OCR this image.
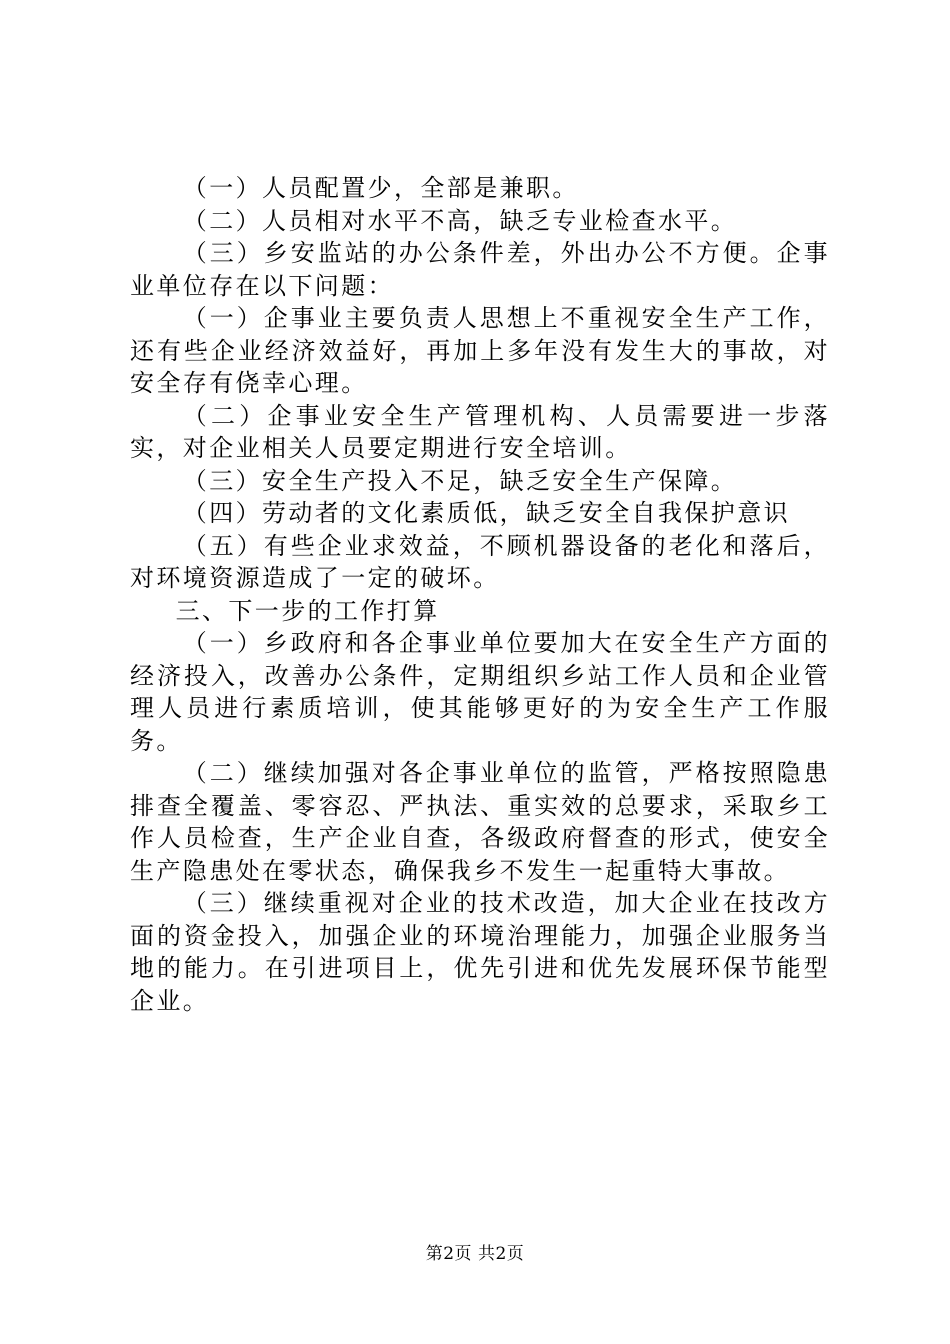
（一）人员配置少，全部是兼职。

（二）人员相对水平不高，缺乏专业检查水平。

（三）乡安监站的办公条件差，外出办公不方便。企事业单位存在以下问题：

（一）企事业主要负责人思想上不重视安全生产工作，还有些企业经济效益好，再加上多年没有发生大的事故，对安全存有侥幸心理。

（二）企事业安全生产管理机构、人员需要进一步落实，对企业相关人员要定期进行安全培训。

（三）安全生产投入不足，缺乏安全生产保障。

（四）劳动者的文化素质低，缺乏安全自我保护意识

（五）有些企业求效益，不顾机器设备的老化和落后，对环境资源造成了一定的破坏。

三、下一步的工作打算

（一）乡政府和各企事业单位要加大在安全生产方面的经济投入，改善办公条件，定期组织乡站工作人员和企业管理人员进行素质培训，使其能够更好的为安全生产工作服务。

（二）继续加强对各企事业单位的监管，严格按照隐患排查全覆盖、零容忍、严执法、重实效的总要求，采取乡工作人员检查，生产企业自查，各级政府督查的形式，使安全生产隐患处在零状态，确保我乡不发生一起重特大事故。

（三）继续重视对企业的技术改造，加大企业在技改方面的资金投入，加强企业的环境治理能力，加强企业服务当地的能力。在引进项目上，优先引进和优先发展环保节能型企业。

第2页 共2页
